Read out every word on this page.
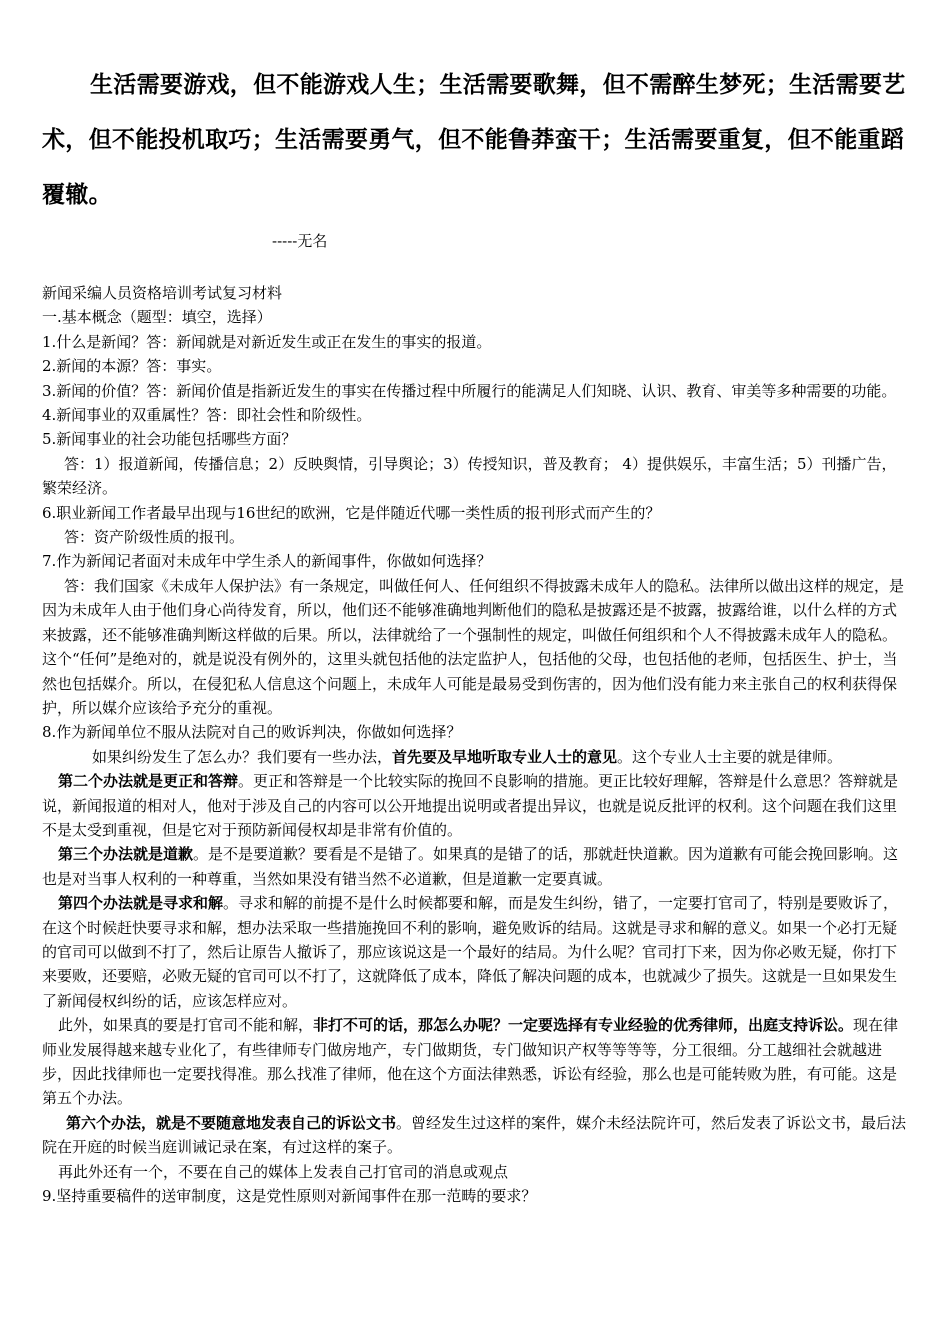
生活需要游戏，但不能游戏人生；生活需要歌舞，但不需醉生梦死；生活需要艺术，但不能投机取巧；生活需要勇气，但不能鲁莽蛮干；生活需要重复，但不能重蹈覆辙。
-----无名

新闻采编人员资格培训考试复习材料

一.基本概念（题型：填空，选择）

1.什么是新闻？答：新闻就是对新近发生或正在发生的事实的报道。

2.新闻的本源？答：事实。

3.新闻的价值？答：新闻价值是指新近发生的事实在传播过程中所履行的能满足人们知晓、认识、教育、审美等多种需要的功能。

4.新闻事业的双重属性？答：即社会性和阶级性。

5.新闻事业的社会功能包括哪些方面？

答：1）报道新闻，传播信息；2）反映舆情，引导舆论；3）传授知识，普及教育； 4）提供娱乐，丰富生活；5）刊播广告，繁荣经济。

6.职业新闻工作者最早出现与16世纪的欧洲，它是伴随近代哪一类性质的报刊形式而产生的？

答：资产阶级性质的报刊。

7.作为新闻记者面对未成年中学生杀人的新闻事件，你做如何选择？

答：我们国家《未成年人保护法》有一条规定，叫做任何人、任何组织不得披露未成年人的隐私。法律所以做出这样的规定，是因为未成年人由于他们身心尚待发育，所以，他们还不能够准确地判断他们的隐私是披露还是不披露，披露给谁，以什么样的方式来披露，还不能够准确判断这样做的后果。所以，法律就给了一个强制性的规定，叫做任何组织和个人不得披露未成年人的隐私。这个“任何”是绝对的，就是说没有例外的，这里头就包括他的法定监护人，包括他的父母，也包括他的老师，包括医生、护士，当然也包括媒介。所以，在侵犯私人信息这个问题上，未成年人可能是最易受到伤害的，因为他们没有能力来主张自己的权利获得保护，所以媒介应该给予充分的重视。

8.作为新闻单位不服从法院对自己的败诉判决，你做如何选择？

如果纠纷发生了怎么办？我们要有一些办法，首先要及早地听取专业人士的意见。这个专业人士主要的就是律师。

第二个办法就是更正和答辩。更正和答辩是一个比较实际的挽回不良影响的措施。更正比较好理解，答辩是什么意思？答辩就是说，新闻报道的相对人，他对于涉及自己的内容可以公开地提出说明或者提出异议，也就是说反批评的权利。这个问题在我们这里不是太受到重视，但是它对于预防新闻侵权却是非常有价值的。

第三个办法就是道歉。是不是要道歉？要看是不是错了。如果真的是错了的话，那就赶快道歉。因为道歉有可能会挽回影响。这也是对当事人权利的一种尊重，当然如果没有错当然不必道歉，但是道歉一定要真诚。

第四个办法就是寻求和解。寻求和解的前提不是什么时候都要和解，而是发生纠纷，错了，一定要打官司了，特别是要败诉了，在这个时候赶快要寻求和解，想办法采取一些措施挽回不利的影响，避免败诉的结局。这就是寻求和解的意义。如果一个必打无疑的官司可以做到不打了，然后让原告人撤诉了，那应该说这是一个最好的结局。为什么呢？官司打下来，因为你必败无疑，你打下来要败，还要赔，必败无疑的官司可以不打了，这就降低了成本，降低了解决问题的成本，也就减少了损失。这就是一旦如果发生了新闻侵权纠纷的话，应该怎样应对。

此外，如果真的要是打官司不能和解，非打不可的话，那怎么办呢？一定要选择有专业经验的优秀律师，出庭支持诉讼。现在律师业发展得越来越专业化了，有些律师专门做房地产，专门做期货，专门做知识产权等等等等，分工很细。分工越细社会就越进步，因此找律师也一定要找得准。那么找准了律师，他在这个方面法律熟悉，诉讼有经验，那么也是可能转败为胜，有可能。这是第五个办法。

第六个办法，就是不要随意地发表自己的诉讼文书。曾经发生过这样的案件，媒介未经法院许可，然后发表了诉讼文书，最后法院在开庭的时候当庭训诫记录在案，有过这样的案子。

再此外还有一个，不要在自己的媒体上发表自己打官司的消息或观点

9.坚持重要稿件的送审制度，这是党性原则对新闻事件在那一范畴的要求？
